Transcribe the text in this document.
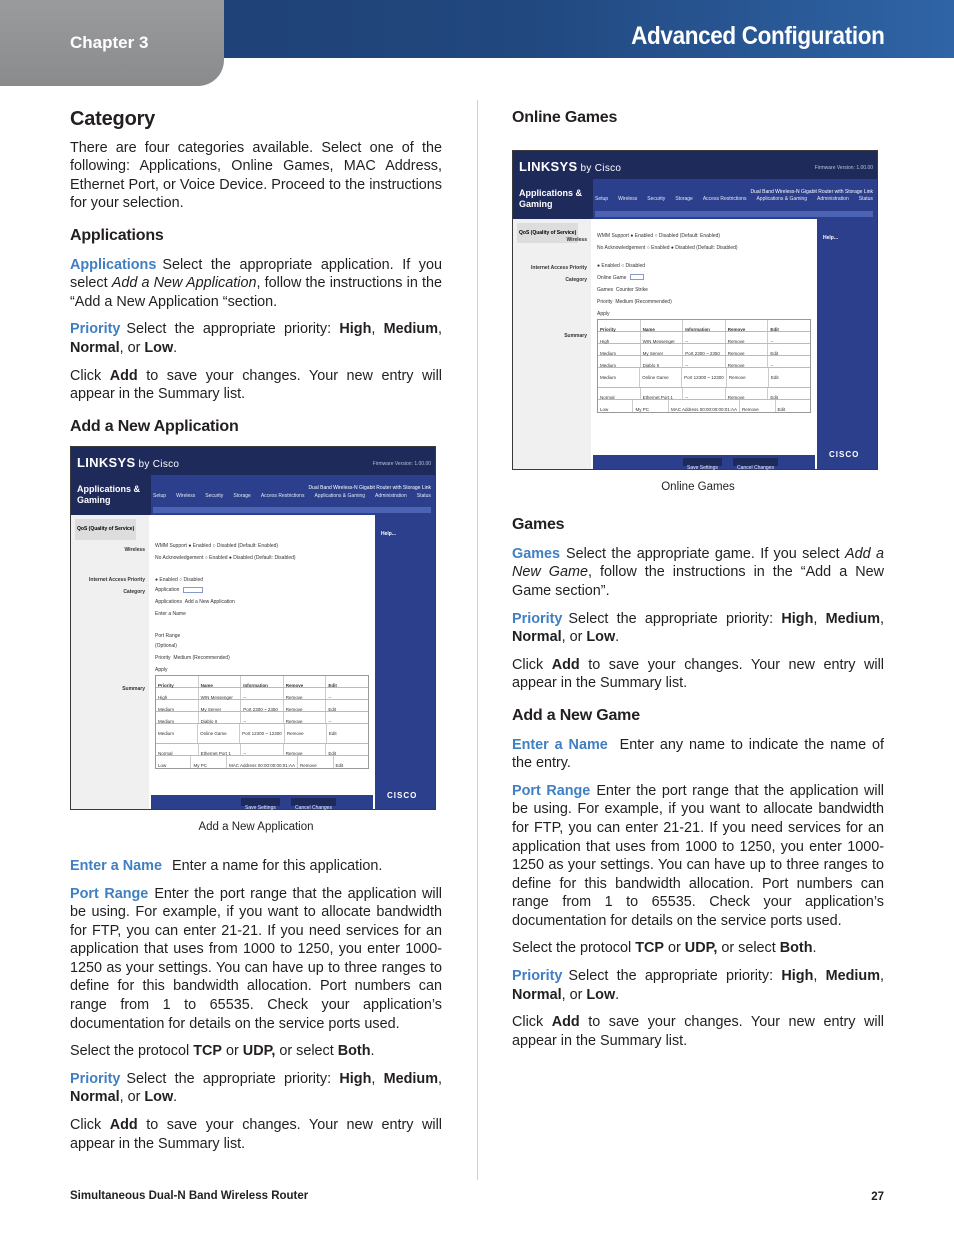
Chapter 3	Advanced Configuration
Category

There are four categories available. Select one of the following: Applications, Online Games, MAC Address, Ethernet Port, or Voice Device. Proceed to the instructions for your selection.

Applications

Applications Select the appropriate application. If you select Add a New Application, follow the instructions in the “Add a New Application “section.

Priority Select the appropriate priority: High, Medium, Normal, or Low.

Click Add to save your changes. Your new entry will appear in the Summary list.

Add a New Application
LINKSYS by Cisco	Firmware Version: 1.00.00
Applications & Gaming
Dual Band Wireless-N Gigabit Router with Storage Link
Setup Wireless Security Storage Access Restrictions Applications & Gaming Administration Status
QoS (Quality of Service)
Wireless
Internet Access Priority
Category
Summary
WMM Support ● Enabled ○ Disabled (Default: Enabled)
No Acknowledgement ○ Enabled ● Disabled (Default: Disabled)
● Enabled ○ Disabled
Application
Applications Add a New Application
Enter a Name
Port Range
(Optional)
Priority Medium (Recommended)
Apply
Priority	Name	Information	Remove	Edit
High	WIN Messenger	--	Remove	--
Medium	My Server	Port 2300 ~ 2350	Remove	Edit
Medium	Diablo II	--	Remove	--
Medium	Online Game	Port 12300 ~ 12300	Remove	Edit
Normal	Ethernet Port 1	--	Remove	Edit
Low	My PC	MAC Address 00:00:00:00:01:AA	Remove	Edit
Help...
CISCO
Save Settings	Cancel Changes
Add a New Application

Enter a Name Enter a name for this application.

Port Range Enter the port range that the application will be using. For example, if you want to allocate bandwidth for FTP, you can enter 21-21. If you need services for an application that uses from 1000 to 1250, you enter 1000-1250 as your settings. You can have up to three ranges to define for this bandwidth allocation. Port numbers can range from 1 to 65535. Check your application’s documentation for details on the service ports used.

Select the protocol TCP or UDP, or select Both.

Priority Select the appropriate priority: High, Medium, Normal, or Low.

Click Add to save your changes. Your new entry will appear in the Summary list.

Online Games
LINKSYS by Cisco	Firmware Version: 1.00.00
Applications & Gaming
Dual Band Wireless-N Gigabit Router with Storage Link
Setup Wireless Security Storage Access Restrictions Applications & Gaming Administration Status
QoS (Quality of Service)
Wireless
Internet Access Priority
Category
Summary
WMM Support ● Enabled ○ Disabled (Default: Enabled)
No Acknowledgement ○ Enabled ● Disabled (Default: Disabled)
● Enabled ○ Disabled
Online Game
Games Counter Strike
Priority Medium (Recommended)
Apply
Priority	Name	Information	Remove	Edit
High	WIN Messenger	--	Remove	--
Medium	My Server	Port 2300 ~ 2350	Remove	Edit
Medium	Diablo II	--	Remove	--
Medium	Online Game	Port 12300 ~ 12300	Remove	Edit
Normal	Ethernet Port 1	--	Remove	Edit
Low	My PC	MAC Address 00:00:00:00:01:AA	Remove	Edit
Help...
CISCO
Save Settings	Cancel Changes
Online Games
Games

Games Select the appropriate game. If you select Add a New Game, follow the instructions in the “Add a New Game section”.

Priority Select the appropriate priority: High, Medium, Normal, or Low.

Click Add to save your changes. Your new entry will appear in the Summary list.

Add a New Game

Enter a Name Enter any name to indicate the name of the entry.

Port Range Enter the port range that the application will be using. For example, if you want to allocate bandwidth for FTP, you can enter 21-21. If you need services for an application that uses from 1000 to 1250, you enter 1000-1250 as your settings. You can have up to three ranges to define for this bandwidth allocation. Port numbers can range from 1 to 65535. Check your application’s documentation for details on the service ports used.

Select the protocol TCP or UDP, or select Both.

Priority Select the appropriate priority: High, Medium, Normal, or Low.

Click Add to save your changes. Your new entry will appear in the Summary list.

Simultaneous Dual-N Band Wireless Router	27
